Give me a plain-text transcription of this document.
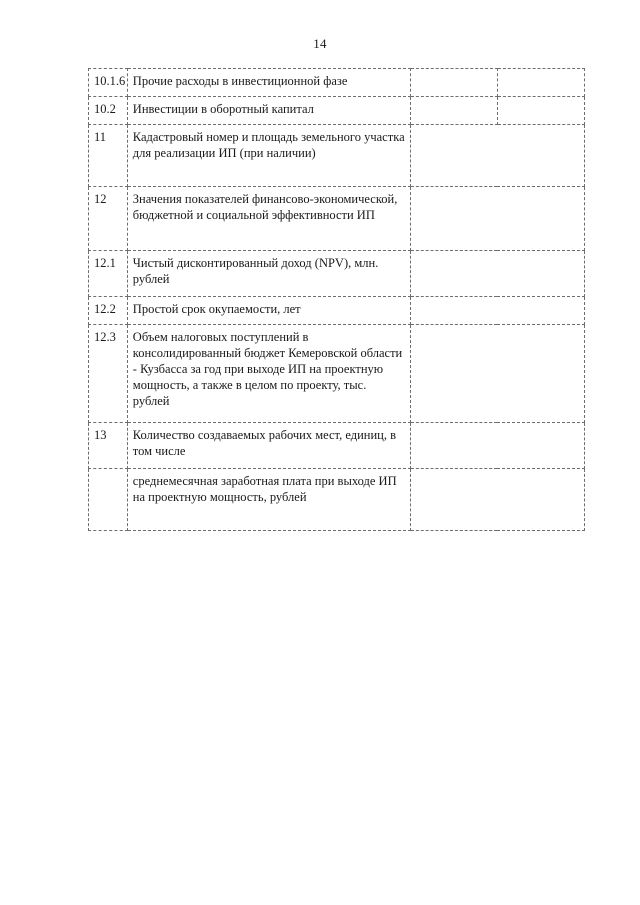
14
10.1.6	Прочие расходы в инвестиционной фазе		
10.2	Инвестиции в оборотный капитал		
11	Кадастровый номер и площадь земельного участка для реализации ИП (при наличии)		
12	Значения показателей финансово-экономической, бюджетной и социальной эффективности ИП		
12.1	Чистый дисконтированный доход (NPV), млн. рублей		
12.2	Простой срок окупаемости, лет		
12.3	Объем налоговых поступлений в консолидированный бюджет Кемеровской области - Кузбасса за год при выходе ИП на проектную мощность, а также в целом по проекту, тыс. рублей		
13	Количество создаваемых рабочих мест, единиц, в том числе		
	среднемесячная заработная плата при выходе ИП на проектную мощность, рублей		
